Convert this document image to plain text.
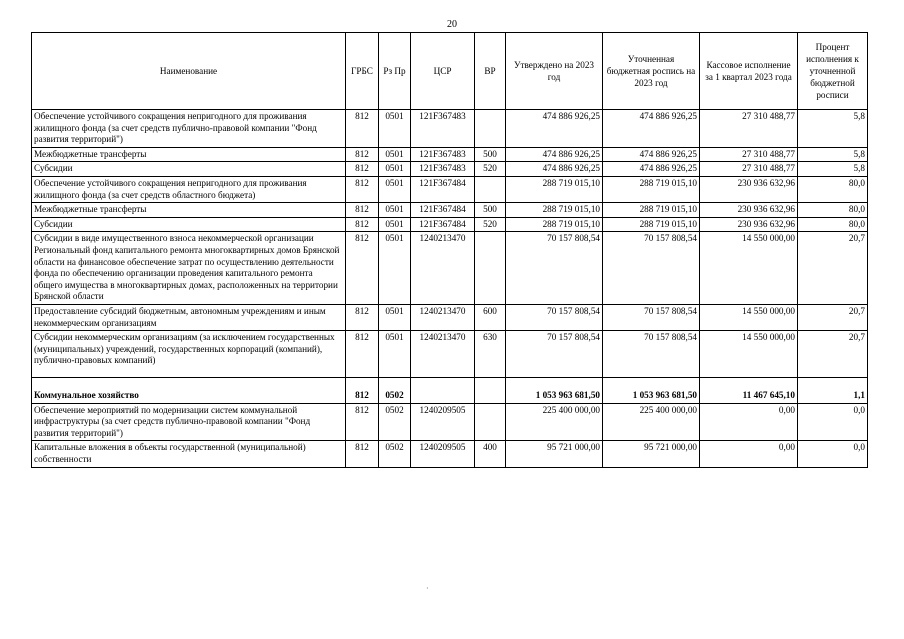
20
Наименование	ГРБС	Рз Пр	ЦСР	ВР	Утверждено на 2023 год	Уточненная бюджетная роспись на 2023 год	Кассовое исполнение за 1 квартал 2023 года	Процент исполнения к уточненной бюджетной росписи
Обеспечение устойчивого сокращения непригодного для проживания жилищного фонда (за счет средств публично-правовой компании "Фонд развития территорий")	812	0501	121F367483		474 886 926,25	474 886 926,25	27 310 488,77	5,8
Межбюджетные трансферты	812	0501	121F367483	500	474 886 926,25	474 886 926,25	27 310 488,77	5,8
Субсидии	812	0501	121F367483	520	474 886 926,25	474 886 926,25	27 310 488,77	5,8
Обеспечение устойчивого сокращения непригодного для проживания жилищного фонда (за счет средств областного бюджета)	812	0501	121F367484		288 719 015,10	288 719 015,10	230 936 632,96	80,0
Межбюджетные трансферты	812	0501	121F367484	500	288 719 015,10	288 719 015,10	230 936 632,96	80,0
Субсидии	812	0501	121F367484	520	288 719 015,10	288 719 015,10	230 936 632,96	80,0
Субсидии в виде имущественного взноса некоммерческой организации Региональный фонд капитального ремонта многоквартирных домов Брянской области на финансовое обеспечение затрат по осуществлению деятельности фонда по обеспечению организации проведения капитального ремонта общего имущества в многоквартирных домах, расположенных на территории Брянской области	812	0501	1240213470		70 157 808,54	70 157 808,54	14 550 000,00	20,7
Предоставление субсидий бюджетным, автономным учреждениям и иным некоммерческим организациям	812	0501	1240213470	600	70 157 808,54	70 157 808,54	14 550 000,00	20,7
Субсидии некоммерческим организациям (за исключением государственных (муниципальных) учреждений, государственных корпораций (компаний), публично-правовых компаний)	812	0501	1240213470	630	70 157 808,54	70 157 808,54	14 550 000,00	20,7
Коммунальное хозяйство	812	0502			1 053 963 681,50	1 053 963 681,50	11 467 645,10	1,1
Обеспечение мероприятий по модернизации систем коммунальной инфраструктуры (за счет средств публично-правовой компании "Фонд развития территорий")	812	0502	1240209505		225 400 000,00	225 400 000,00	0,00	0,0
Капитальные вложения в объекты государственной (муниципальной) собственности	812	0502	1240209505	400	95 721 000,00	95 721 000,00	0,00	0,0
·
